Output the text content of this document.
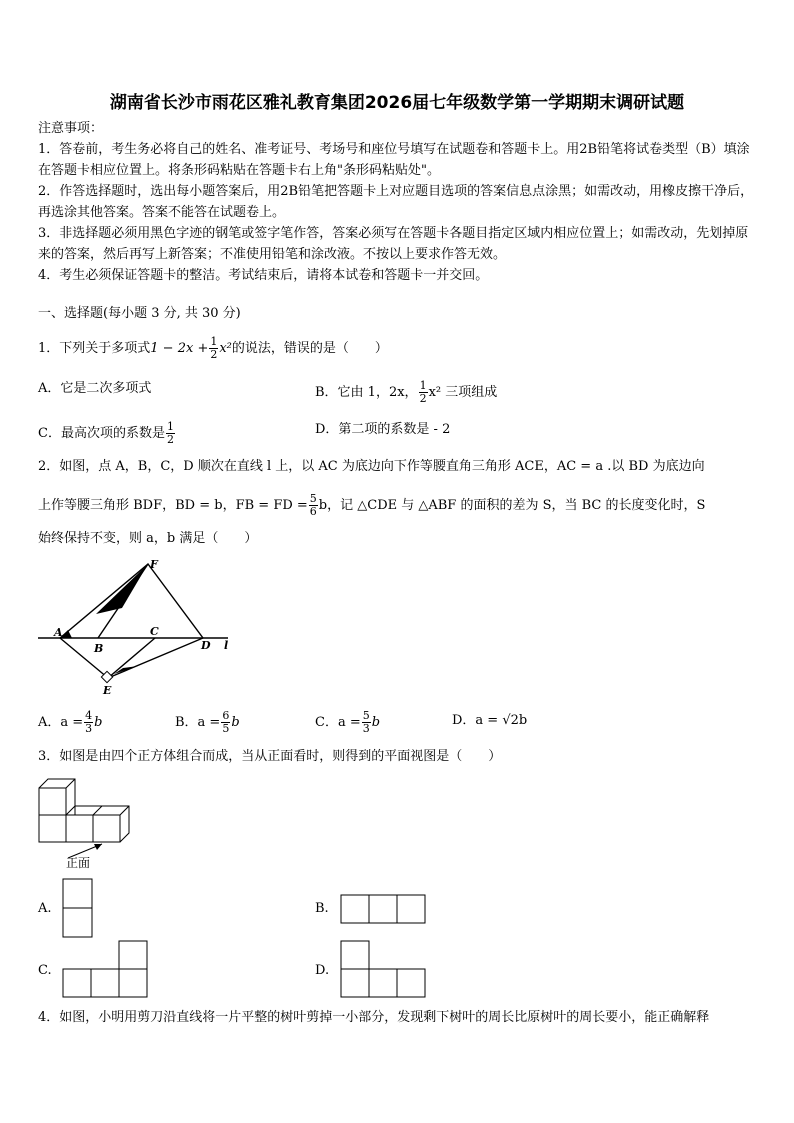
湖南省长沙市雨花区雅礼教育集团2026届七年级数学第一学期期末调研试题

注意事项：

1．答卷前，考生务必将自己的姓名、准考证号、考场号和座位号填写在试题卷和答题卡上。用2B铅笔将试卷类型（B）填涂在答题卡相应位置上。将条形码粘贴在答题卡右上角"条形码粘贴处"。

2．作答选择题时，选出每小题答案后，用2B铅笔把答题卡上对应题目选项的答案信息点涂黑；如需改动，用橡皮擦干净后，再选涂其他答案。答案不能答在试题卷上。

3．非选择题必须用黑色字迹的钢笔或签字笔作答，答案必须写在答题卡各题目指定区域内相应位置上；如需改动，先划掉原来的答案，然后再写上新答案；不准使用铅笔和涂改液。不按以上要求作答无效。

4．考生必须保证答题卡的整洁。考试结束后，请将本试卷和答题卡一并交回。

一、选择题(每小题 3 分, 共 30 分)
1．下列关于多项式$1 - 2x + \frac{1}{2} x^2$的说法，错误的是（　　）
A．它是二次多项式	B．它由 1，2x， $\frac{1}{2} x^2$ 三项组成
C．最高次项的系数是 $\frac{1}{2}$	D．第二项的系数是 - 2
2．如图，点 A，B，C，D 顺次在直线 l 上，以 AC 为底边向下作等腰直角三角形 ACE，AC = a .以 BD 为底边向
上作等腰三角形 BDF，BD = b，FB = FD = $\frac{5}{6}$ b，记 △CDE 与 △ABF 的面积的差为 S，当 BC 的长度变化时，S
始终保持不变，则 a，b 满足（　　）
F
A
B
C
D l
E
A．$a = \frac{4}{3}$ b	B．$a = \frac{6}{5}$ b	C．$a = \frac{5}{3}$ b	D．a = √2b
3．如图是由四个正方体组合而成，当从正面看时，则得到的平面视图是（　　）
正面
A.	B.
C.	D.
4．如图，小明用剪刀沿直线将一片平整的树叶剪掉一小部分，发现剩下树叶的周长比原树叶的周长要小，能正确解释
